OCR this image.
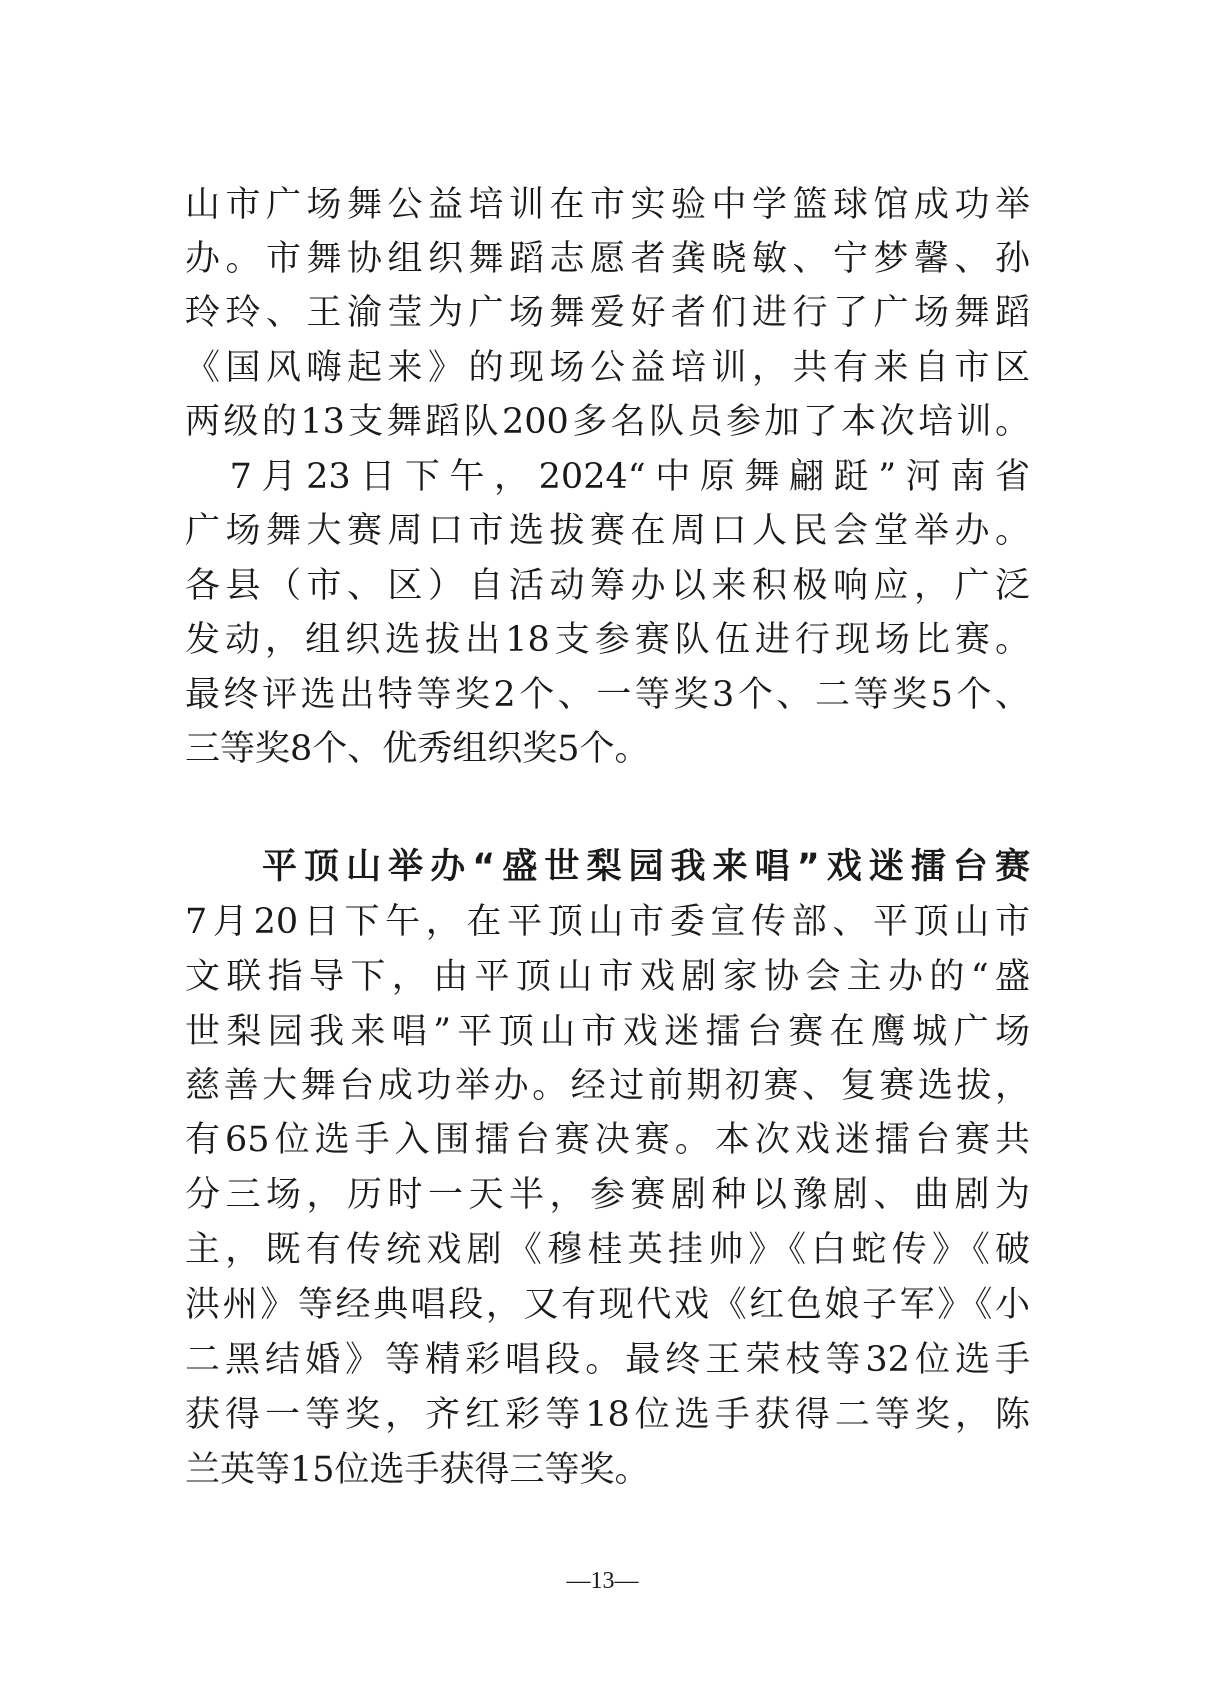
山市广场舞公益培训在市实验中学篮球馆成功举
办。市舞协组织舞蹈志愿者龚晓敏、宁梦馨、孙
玲玲、王渝莹为广场舞爱好者们进行了广场舞蹈
《国风嗨起来》的现场公益培训，共有来自市区
两级的13支舞蹈队200多名队员参加了本次培训。
　7月23日下午，2024“中原舞翩跹”河南省
广场舞大赛周口市选拔赛在周口人民会堂举办。
各县（市、区）自活动筹办以来积极响应，广泛
发动，组织选拔出18支参赛队伍进行现场比赛。
最终评选出特等奖2个、一等奖3个、二等奖5个、
三等奖8个、优秀组织奖5个。
平顶山举办“盛世梨园我来唱”戏迷擂台赛
7月20日下午，在平顶山市委宣传部、平顶山市
文联指导下，由平顶山市戏剧家协会主办的“盛
世梨园我来唱”平顶山市戏迷擂台赛在鹰城广场
慈善大舞台成功举办。经过前期初赛、复赛选拔，
有65位选手入围擂台赛决赛。本次戏迷擂台赛共
分三场，历时一天半，参赛剧种以豫剧、曲剧为
主，既有传统戏剧《穆桂英挂帅》《白蛇传》《破
洪州》等经典唱段，又有现代戏《红色娘子军》《小
二黑结婚》等精彩唱段。最终王荣枝等32位选手
获得一等奖，齐红彩等18位选手获得二等奖，陈
兰英等15位选手获得三等奖。
—13—
